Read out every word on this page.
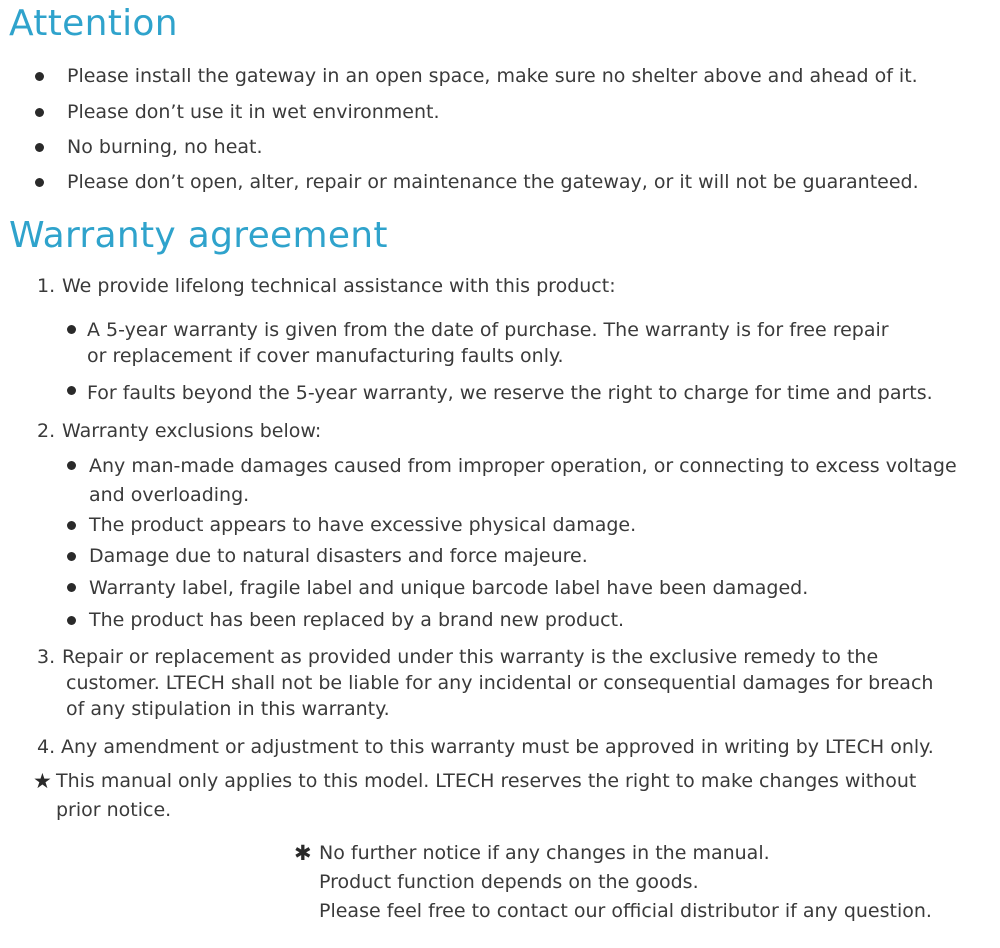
Attention
Please install the gateway in an open space, make sure no shelter above and ahead of it.
Please don’t use it in wet environment.
No burning, no heat.
Please don’t open, alter, repair or maintenance the gateway, or it will not be guaranteed.
Warranty agreement
1. We provide lifelong technical assistance with this product:
A 5-year warranty is given from the date of purchase. The warranty is for free repair
or replacement if cover manufacturing faults only.
For faults beyond the 5-year warranty, we reserve the right to charge for time and parts.
2. Warranty exclusions below:
Any man-made damages caused from improper operation, or connecting to excess voltage
and overloading.
The product appears to have excessive physical damage.
Damage due to natural disasters and force majeure.
Warranty label, fragile label and unique barcode label have been damaged.
The product has been replaced by a brand new product.
3. Repair or replacement as provided under this warranty is the exclusive remedy to the
customer. LTECH shall not be liable for any incidental or consequential damages for breach
of any stipulation in this warranty.
4. Any amendment or adjustment to this warranty must be approved in writing by LTECH only.
★ This manual only applies to this model. LTECH reserves the right to make changes without
prior notice.
✱ No further notice if any changes in the manual.
Product function depends on the goods.
Please feel free to contact our official distributor if any question.
